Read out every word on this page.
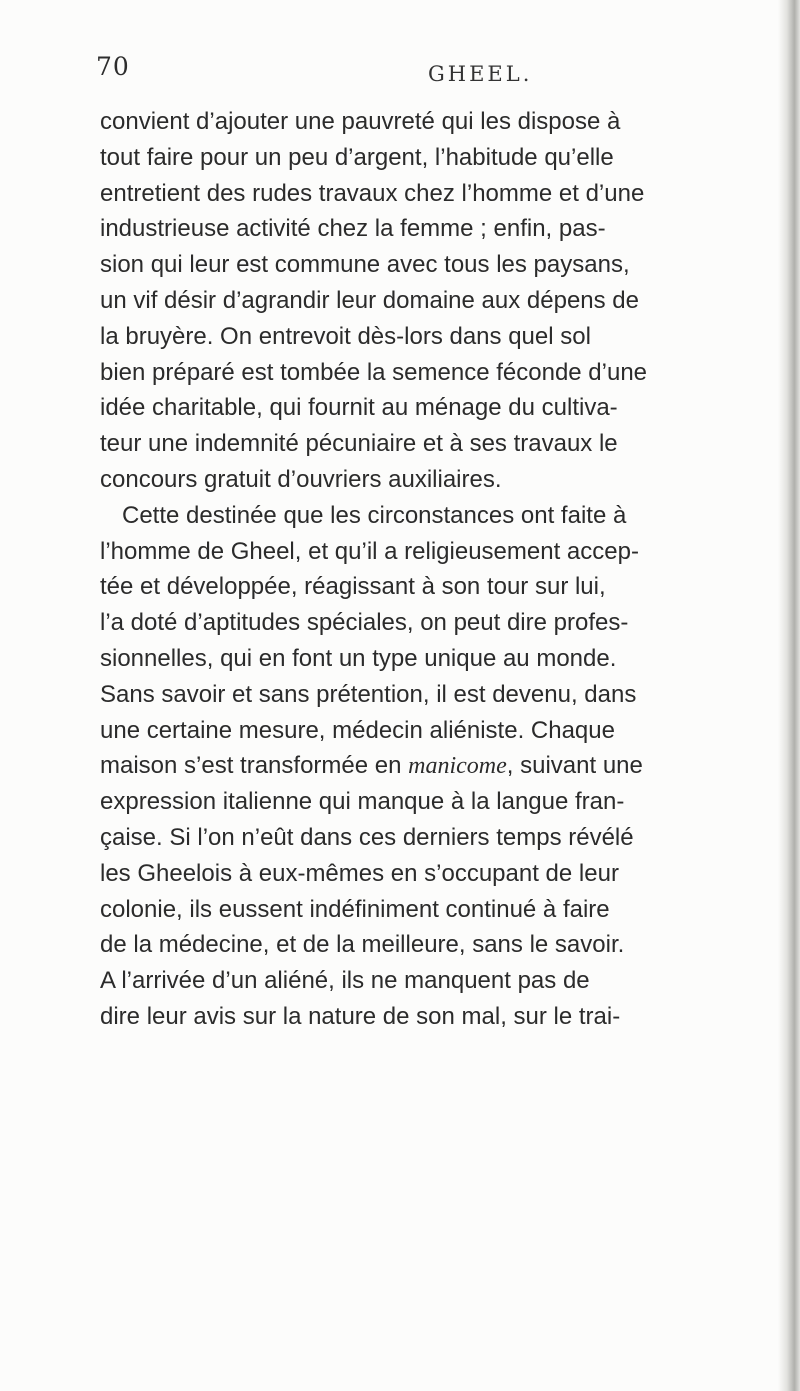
70	GHEEL.
convient d’ajouter une pauvreté qui les dispose à
tout faire pour un peu d’argent, l’habitude qu’elle
entretient des rudes travaux chez l’homme et d’une
industrieuse activité chez la femme ; enfin, pas-
sion qui leur est commune avec tous les paysans,
un vif désir d’agrandir leur domaine aux dépens de
la bruyère. On entrevoit dès-lors dans quel sol
bien préparé est tombée la semence féconde d’une
idée charitable, qui fournit au ménage du cultiva-
teur une indemnité pécuniaire et à ses travaux le
concours gratuit d’ouvriers auxiliaires.
Cette destinée que les circonstances ont faite à
l’homme de Gheel, et qu’il a religieusement accep-
tée et développée, réagissant à son tour sur lui,
l’a doté d’aptitudes spéciales, on peut dire profes-
sionnelles, qui en font un type unique au monde.
Sans savoir et sans prétention, il est devenu, dans
une certaine mesure, médecin aliéniste. Chaque
maison s’est transformée en manicome, suivant une
expression italienne qui manque à la langue fran-
çaise. Si l’on n’eût dans ces derniers temps révélé
les Gheelois à eux-mêmes en s’occupant de leur
colonie, ils eussent indéfiniment continué à faire
de la médecine, et de la meilleure, sans le savoir.
A l’arrivée d’un aliéné, ils ne manquent pas de
dire leur avis sur la nature de son mal, sur le trai-
